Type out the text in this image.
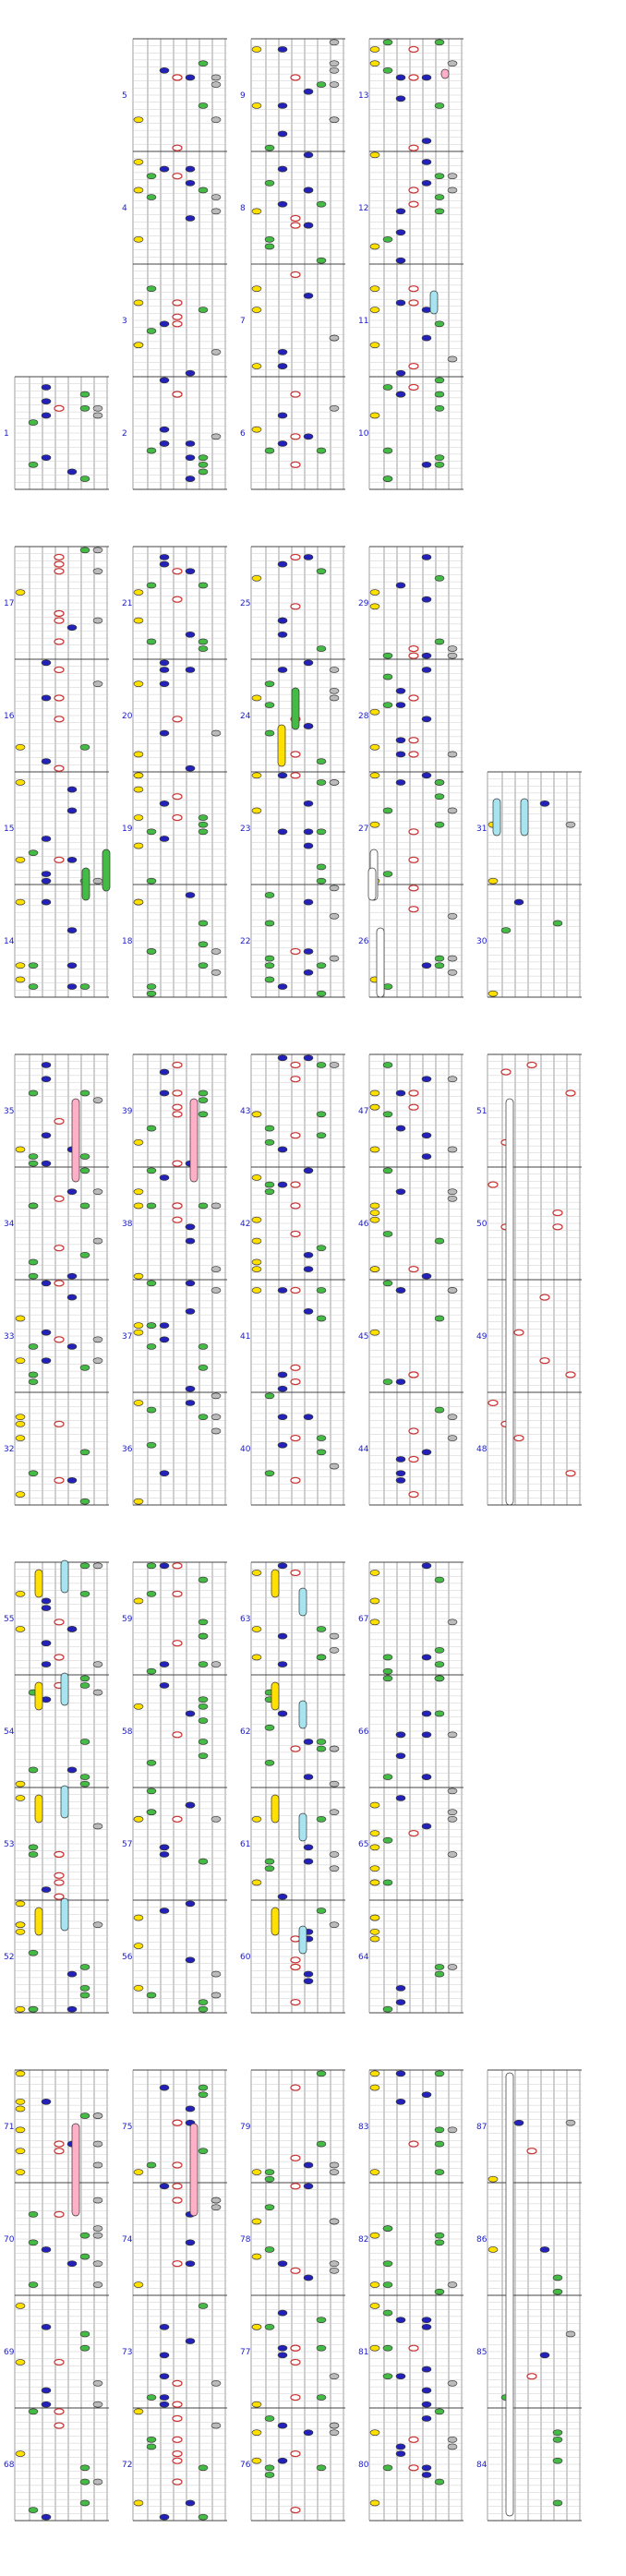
1	2
3
4
5
6
7
8
9
10
11
12
13
14
15
16
17
18
19
20
21
22
23
24
25
26
27
28
29
30
31
32
33
34
35
36
37
38
39
40
41
42
43
44
45
46
47
48
49
50
51
52
53
54
55
56
57
58
59
60
61
62
63
64
65
66
67
68
69
70
71
72
73
74
75
76
77
78
79
80
81
82
83
84
85
86
87
